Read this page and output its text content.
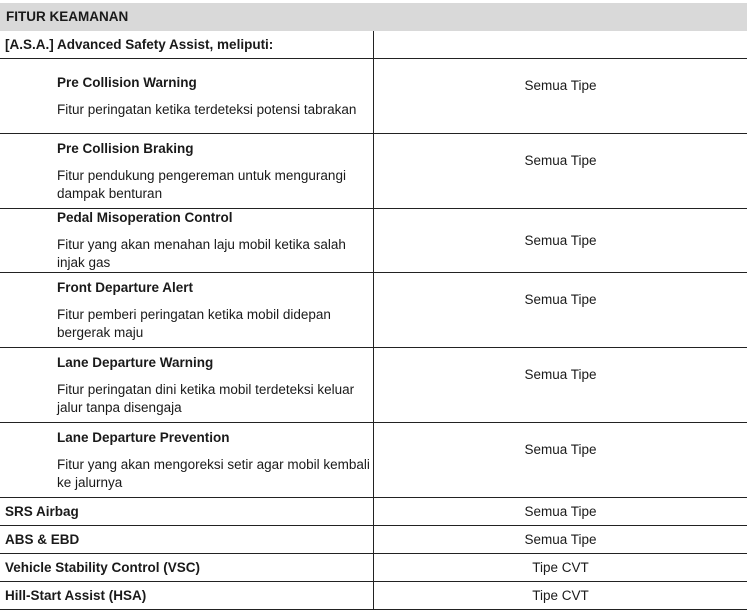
FITUR KEAMANAN	
[A.S.A.] Advanced Safety Assist, meliputi:	

Pre Collision Warning
Fitur peringatan ketika terdeteksi potensi tabrakan	Semua Tipe

Pre Collision Braking
Fitur pendukung pengereman untuk mengurangi dampak benturan	Semua Tipe

Pedal Misoperation Control
Fitur yang akan menahan laju mobil ketika salah injak gas	Semua Tipe

Front Departure Alert
Fitur pemberi peringatan ketika mobil didepan bergerak maju	Semua Tipe

Lane Departure Warning
Fitur peringatan dini ketika mobil terdeteksi keluar jalur tanpa disengaja	Semua Tipe

Lane Departure Prevention
Fitur yang akan mengoreksi setir agar mobil kembali ke jalurnya	Semua Tipe
SRS Airbag	Semua Tipe
ABS & EBD	Semua Tipe
Vehicle Stability Control (VSC)	Tipe CVT
Hill-Start Assist (HSA)	Tipe CVT
